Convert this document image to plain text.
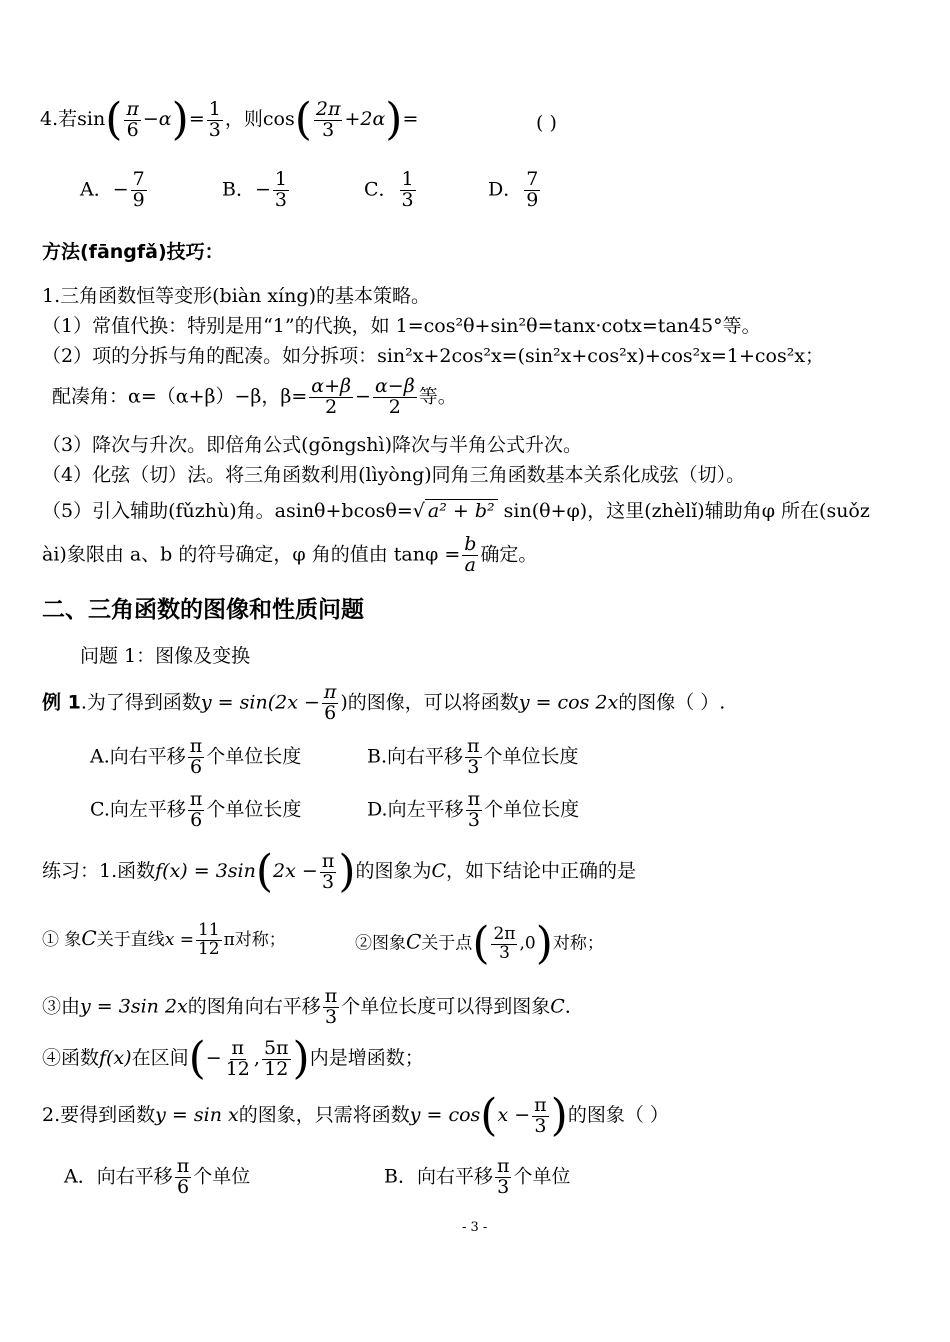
4.若$\sin( \frac{\pi}{6} -\alpha)= \frac{1}{3}$ ，则$\cos( \frac{2\pi}{3} +2\alpha)=$	( )
A．− $\frac{7}{9}$	B．− $\frac{1}{3}$	C． $\frac{1}{3}$	D． $\frac{7}{9}$
方法(fāngfǎ)技巧：
1.三角函数恒等变形(biàn xíng)的基本策略。
（1）常值代换：特别是用“1”的代换，如 1=cos²θ+sin²θ=tanx·cotx=tan45°等。
（2）项的分拆与角的配凑。如分拆项：sin²x+2cos²x=(sin²x+cos²x)+cos²x=1+cos²x；
配凑角：α=（α+β）−β，$\beta= \frac{\alpha+\beta}{2} - \frac{\alpha-\beta}{2}$ 等。
（3）降次与升次。即倍角公式(gōngshì)降次与半角公式升次。
（4）化弦（切）法。将三角函数利用(lìyòng)同角三角函数基本关系化成弦（切）。
（5）引入辅助(fǔzhù)角。asinθ+bcosθ=√ a² + b² sin(θ+φ)，这里(zhèlǐ)辅助角φ 所在(suǒz
ài)象限由 a、b 的符号确定，φ 角的值由 $\tan\varphi = \frac{b}{a}$ 确定。
二、三角函数的图像和性质问题
问题 1：图像及变换
例 1.为了得到函数$y = \sin(2x - \frac{\pi}{6}$ )的图像，可以将函数y = cos 2x的图像（ ）.
A.向右平移 $\frac{\pi}{6}$ 个单位长度	B.向右平移 $\frac{\pi}{3}$ 个单位长度
C.向左平移 $\frac{\pi}{6}$ 个单位长度	D.向左平移 $\frac{\pi}{3}$ 个单位长度
练习：1.函数$f(x) = 3\sin(2x - \frac{\pi}{3}$ )的图象为C，如下结论中正确的是
① 象C关于直线$x = \frac{11}{12}$ π对称；	②图象C关于点( $\frac{2\pi}{3} ,0$)对称；
③由y = 3sin 2x的图角向右平移 $\frac{\pi}{3}$ 个单位长度可以得到图象C．
④函数f(x)在区间(− $\frac{\pi}{12}$ , $\frac{5\pi}{12}$ )内是增函数；
2.要得到函数y = sin x的图象，只需将函数$y = \cos(x - \frac{\pi}{3}$ )的图象（ ）
A．向右平移 $\frac{\pi}{6}$ 个单位	B．向右平移 $\frac{\pi}{3}$ 个单位
- 3 -
